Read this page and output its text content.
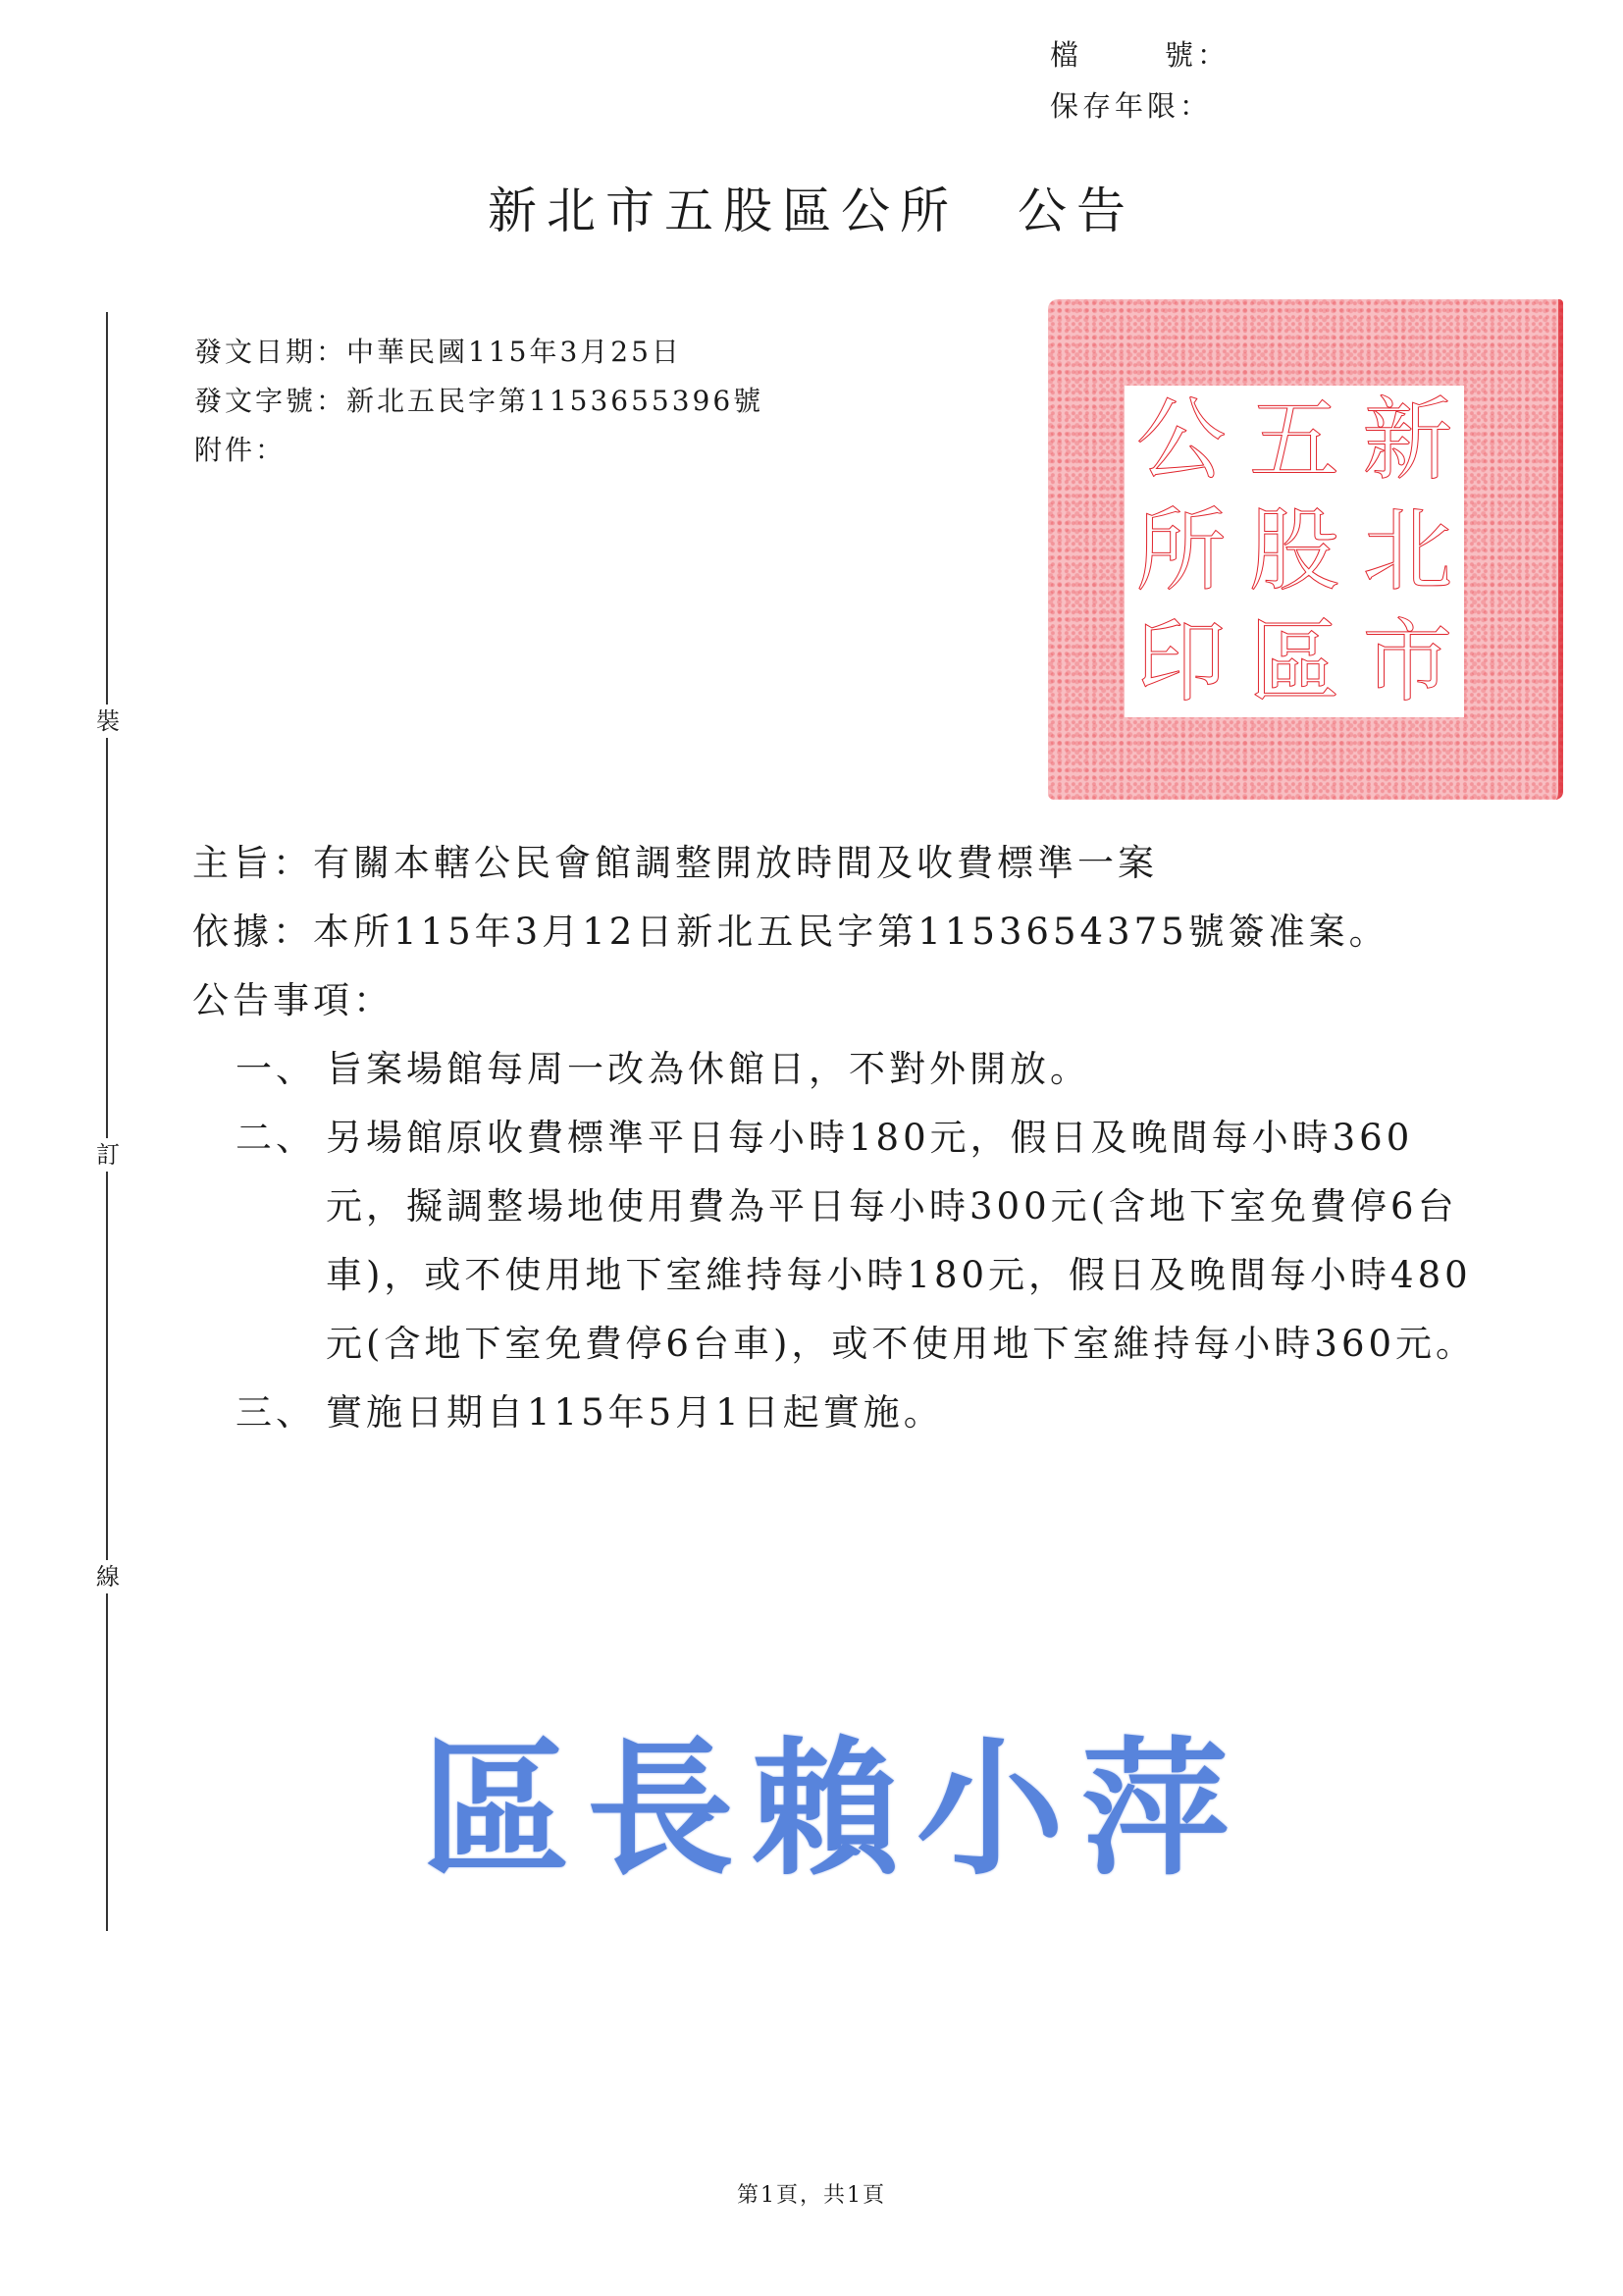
檔	號 ：
保存年限：
新北市五股區公所 公告
裝
訂
線
發文日期：中華民國115年3月25日
發文字號：新北五民字第1153655396號
附件：	新
北
市
五
股
區
公
所
印
主旨：有關本轄公民會館調整開放時間及收費標準一案
依據：本所115年3月12日新北五民字第1153654375號簽准案。
公告事項：
一、 旨案場館每周一改為休館日，不對外開放。
二、 另場館原收費標準平日每小時180元，假日及晚間每小時360元，擬調整場地使用費為平日每小時300元(含地下室免費停6台車)，或不使用地下室維持每小時180元，假日及晚間每小時480元(含地下室免費停6台車)，或不使用地下室維持每小時360元。
三、 實施日期自115年5月1日起實施。
區長賴小萍
第1頁，共1頁
